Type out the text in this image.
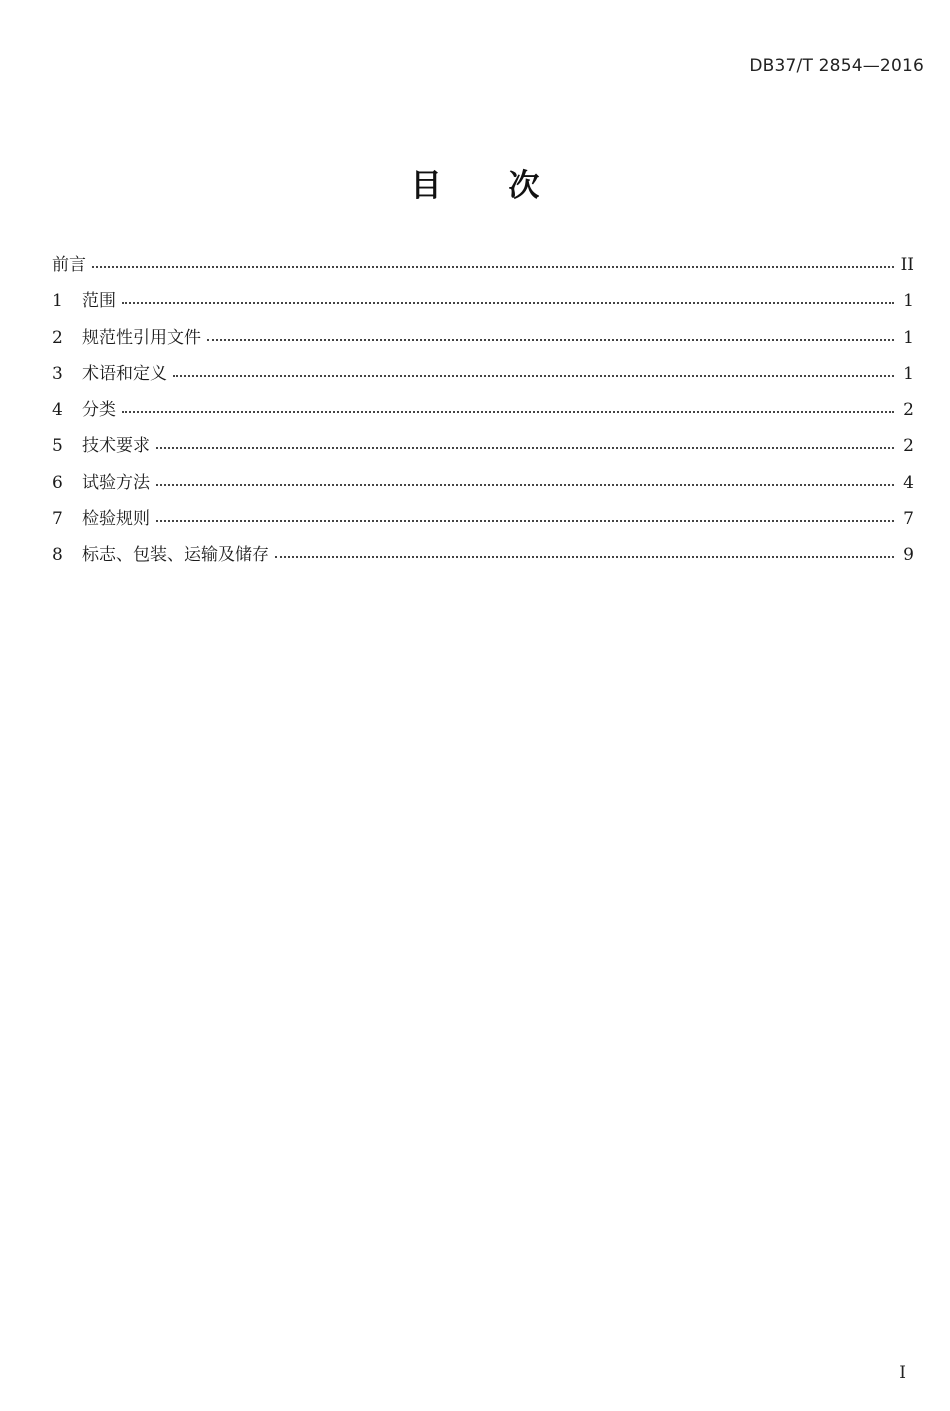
DB37/T 2854—2016
目 次
前言	II
1	范围	1
2	规范性引用文件	1
3	术语和定义	1
4	分类	2
5	技术要求	2
6	试验方法	4
7	检验规则	7
8	标志、包装、运输及储存	9
I
